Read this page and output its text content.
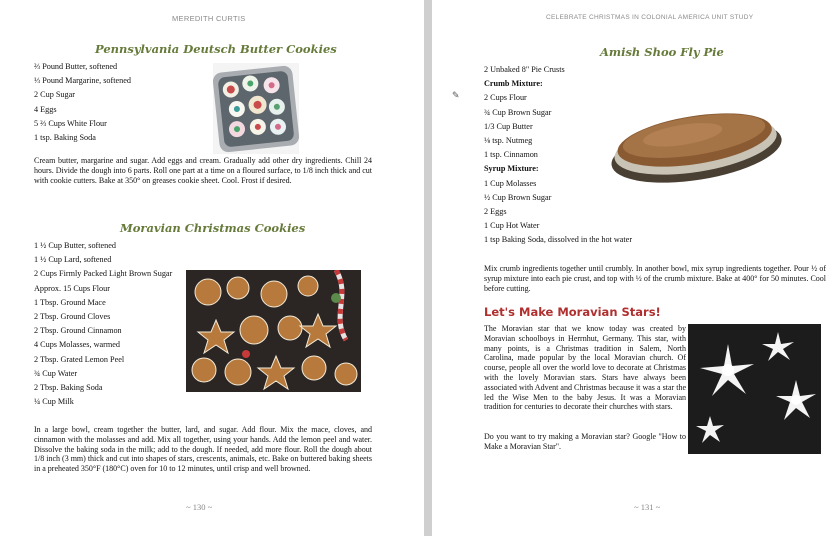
MEREDITH CURTIS
Pennsylvania Deutsch Butter Cookies
⅔ Pound Butter, softened
⅓ Pound Margarine, softened
2 Cup Sugar
4 Eggs
5 ⅔ Cups White Flour
1 tsp. Baking Soda

Cream butter, margarine and sugar. Add eggs and cream. Gradually add other dry ingredients. Chill 24 hours. Divide the dough into 6 parts. Roll one part at a time on a floured surface, to 1/8 inch thick and cut with cookie cutters. Bake at 350° on greases cookie sheet. Cool. Frost if desired.

Moravian Christmas Cookies
1 ½ Cup Butter, softened
1 ½ Cup Lard, softened
2 Cups Firmly Packed Light Brown Sugar
Approx. 15 Cups Flour
1 Tbsp. Ground Mace
2 Tbsp. Ground Cloves
2 Tbsp. Ground Cinnamon
4 Cups Molasses, warmed
2 Tbsp. Grated Lemon Peel
¾ Cup Water
2 Tbsp. Baking Soda
¼ Cup Milk

In a large bowl, cream together the butter, lard, and sugar. Add flour. Mix the mace, cloves, and cinnamon with the molasses and add. Mix all together, using your hands. Add the lemon peel and water. Dissolve the baking soda in the milk; add to the dough. If needed, add more flour. Roll the dough about 1/8 inch (3 mm) thick and cut into shapes of stars, crescents, animals, etc. Bake on buttered baking sheets in a preheated 350°F (180°C) oven for 10 to 12 minutes, until crisp and well browned.

~ 130 ~
CELEBRATE CHRISTMAS IN COLONIAL AMERICA UNIT STUDY
Amish Shoo Fly Pie
✎
2 Unbaked 8" Pie Crusts
Crumb Mixture:
2 Cups Flour
¾ Cup Brown Sugar
1/3 Cup Butter
⅛ tsp. Nutmeg
1 tsp. Cinnamon
Syrup Mixture:
1 Cup Molasses
½ Cup Brown Sugar
2 Eggs
1 Cup Hot Water
1 tsp Baking Soda, dissolved in the hot water

Mix crumb ingredients together until crumbly. In another bowl, mix syrup ingredients together. Pour ½ of syrup mixture into each pie crust, and top with ½ of the crumb mixture. Bake at 400° for 50 minutes. Cool before cutting.

Let's Make Moravian Stars!

The Moravian star that we know today was created by Moravian schoolboys in Herrnhut, Germany. This star, with many points, is a Christmas tradition in Salem, North Carolina, made popular by the local Moravian church. Of course, people all over the world love to decorate at Christmas with the lovely Moravian stars. Stars have always been associated with Advent and Christmas because it was a star the led the Wise Men to the baby Jesus. It was a Moravian tradition for centuries to decorate their churches with stars.

Do you want to try making a Moravian star? Google "How to Make a Moravian Star".

~ 131 ~
